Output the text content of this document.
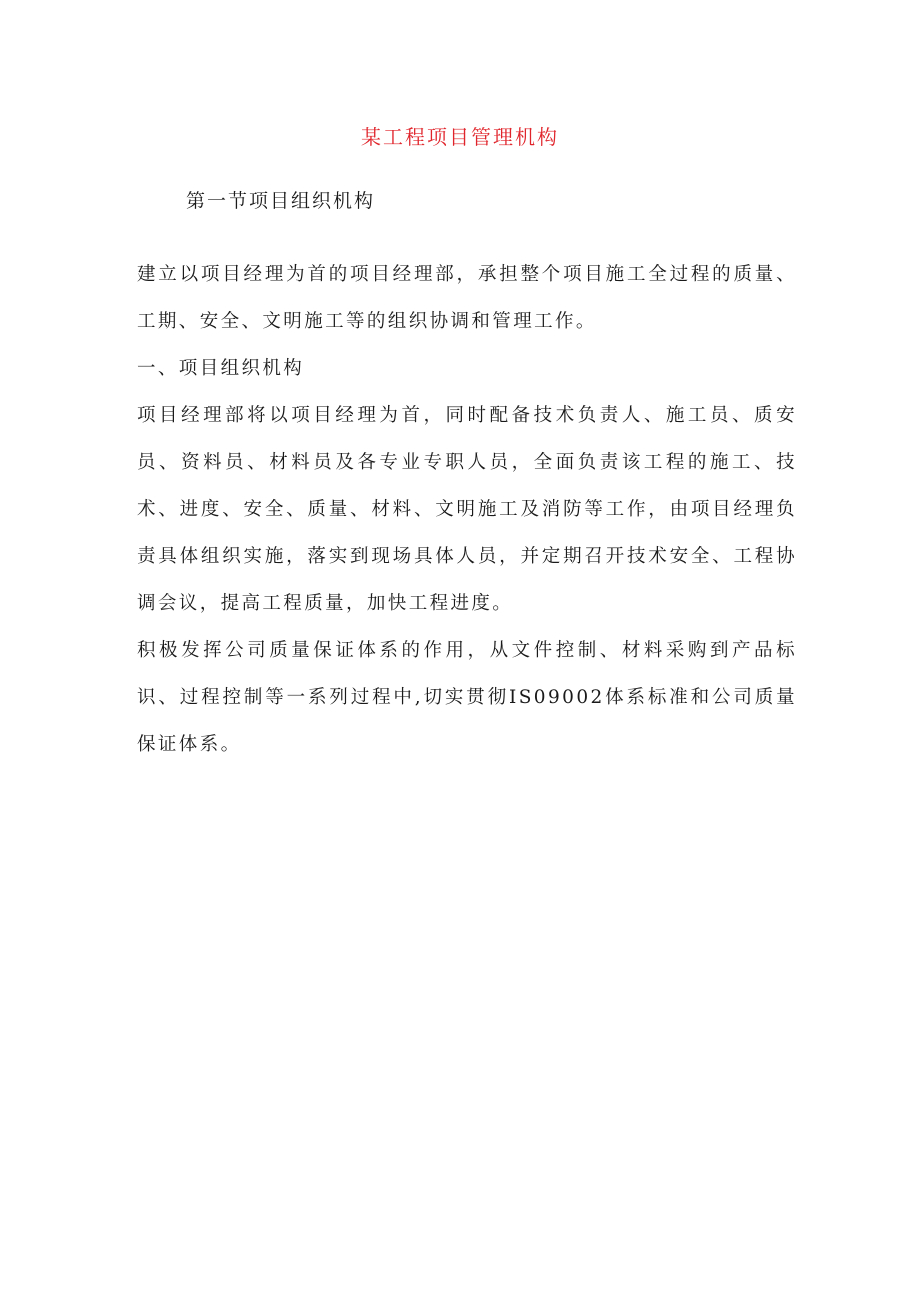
某工程项目管理机构
第一节项目组织机构

建立以项目经理为首的项目经理部，承担整个项目施工全过程的质量、工期、安全、文明施工等的组织协调和管理工作。

一、项目组织机构

项目经理部将以项目经理为首，同时配备技术负责人、施工员、质安员、资料员、材料员及各专业专职人员，全面负责该工程的施工、技术、进度、安全、质量、材料、文明施工及消防等工作，由项目经理负责具体组织实施，落实到现场具体人员，并定期召开技术安全、工程协调会议，提高工程质量，加快工程进度。

积极发挥公司质量保证体系的作用，从文件控制、材料采购到产品标识、过程控制等一系列过程中,切实贯彻IS09002体系标准和公司质量保证体系。
